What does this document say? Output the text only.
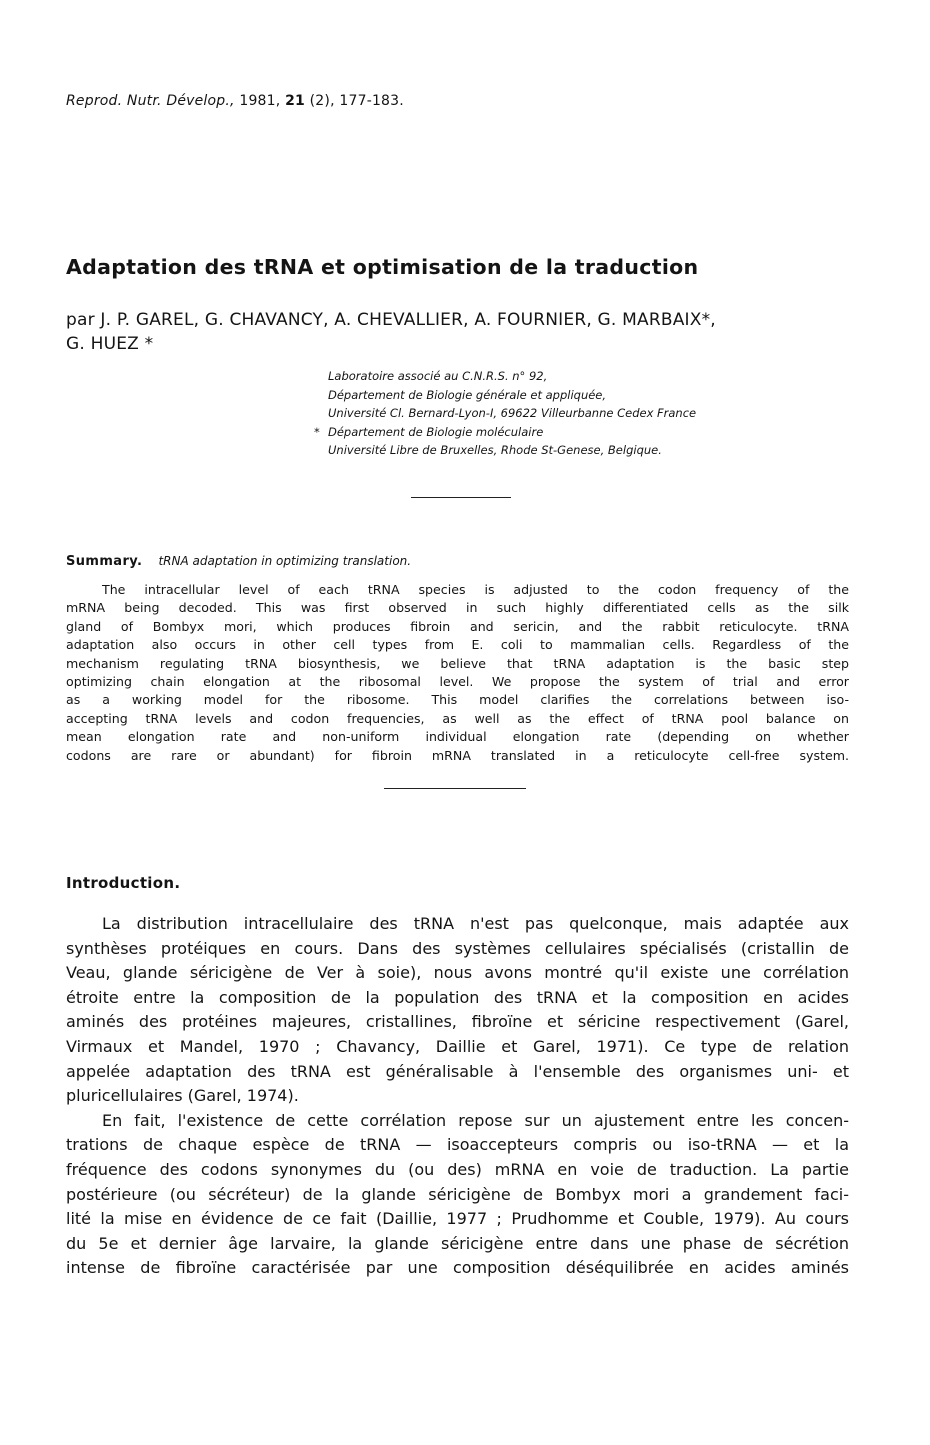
Reprod. Nutr. Dévelop., 1981, 21 (2), 177-183.
Adaptation des tRNA et optimisation de la traduction
par J. P. GAREL, G. CHAVANCY, A. CHEVALLIER, A. FOURNIER, G. MARBAIX*,
G. HUEZ *
Laboratoire associé au C.N.R.S. n° 92,
Département de Biologie générale et appliquée,
Université Cl. Bernard-Lyon-I, 69622 Villeurbanne Cedex France
* Département de Biologie moléculaire
Université Libre de Bruxelles, Rhode St-Genese, Belgique.
Summary. tRNA adaptation in optimizing translation.
The intracellular level of each tRNA species is adjusted to the codon frequency of the
mRNA being decoded. This was first observed in such highly differentiated cells as the silk
gland of Bombyx mori, which produces fibroin and sericin, and the rabbit reticulocyte. tRNA
adaptation also occurs in other cell types from E. coli to mammalian cells. Regardless of the
mechanism regulating tRNA biosynthesis, we believe that tRNA adaptation is the basic step
optimizing chain elongation at the ribosomal level. We propose the system of trial and error
as a working model for the ribosome. This model clarifies the correlations between iso-
accepting tRNA levels and codon frequencies, as well as the effect of tRNA pool balance on
mean elongation rate and non-uniform individual elongation rate (depending on whether
codons are rare or abundant) for fibroin mRNA translated in a reticulocyte cell-free system.
Introduction.
La distribution intracellulaire des tRNA n'est pas quelconque, mais adaptée aux
synthèses protéiques en cours. Dans des systèmes cellulaires spécialisés (cristallin de
Veau, glande séricigène de Ver à soie), nous avons montré qu'il existe une corrélation
étroite entre la composition de la population des tRNA et la composition en acides
aminés des protéines majeures, cristallines, fibroïne et séricine respectivement (Garel,
Virmaux et Mandel, 1970 ; Chavancy, Daillie et Garel, 1971). Ce type de relation
appelée adaptation des tRNA est généralisable à l'ensemble des organismes uni- et
pluricellulaires (Garel, 1974).
En fait, l'existence de cette corrélation repose sur un ajustement entre les concen-
trations de chaque espèce de tRNA — isoaccepteurs compris ou iso-tRNA — et la
fréquence des codons synonymes du (ou des) mRNA en voie de traduction. La partie
postérieure (ou sécréteur) de la glande séricigène de Bombyx mori a grandement faci-
lité la mise en évidence de ce fait (Daillie, 1977 ; Prudhomme et Couble, 1979). Au cours
du 5e et dernier âge larvaire, la glande séricigène entre dans une phase de sécrétion
intense de fibroïne caractérisée par une composition déséquilibrée en acides aminés
